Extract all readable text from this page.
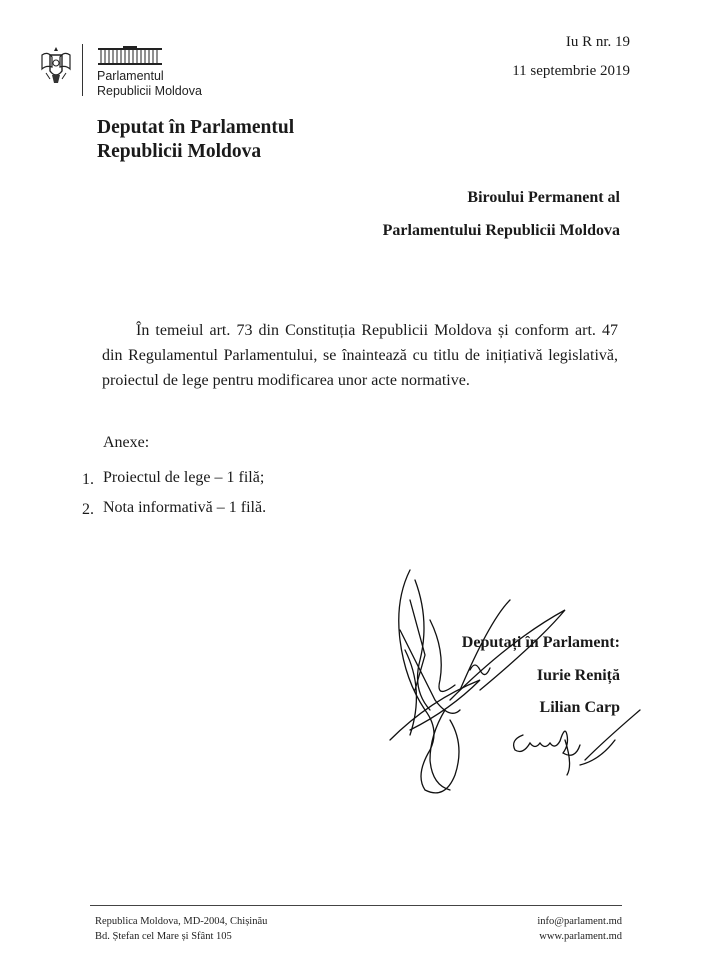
Parlamentul
Republicii Moldova
Iu R nr. 19
11 septembrie 2019
Deputat în Parlamentul
Republicii Moldova
Biroului Permanent al
Parlamentului Republicii Moldova
În temeiul art. 73 din Constituția Republicii Moldova și conform art. 47 din Regulamentul Parlamentului, se înaintează cu titlu de inițiativă legislativă, proiectul de lege pentru modificarea unor acte normative.
Anexe:
1. Proiectul de lege – 1 filă;
2. Nota informativă – 1 filă.
Deputați în Parlament:
Iurie Reniță
Lilian Carp
Republica Moldova, MD-2004, Chișinău
Bd. Ștefan cel Mare și Sfânt 105
info@parlament.md
www.parlament.md
